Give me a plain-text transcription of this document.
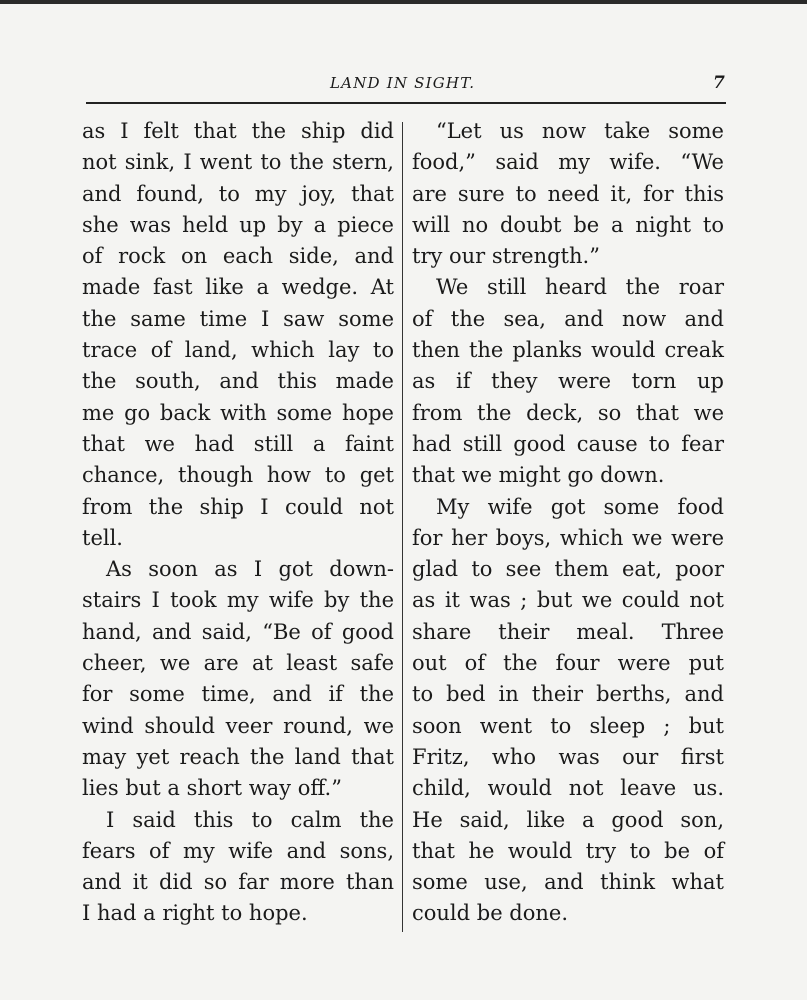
LAND IN SIGHT.	7
as I felt that the ship did
not sink, I went to the stern,
and found, to my joy, that
she was held up by a piece
of rock on each side, and
made fast like a wedge. At
the same time I saw some
trace of land, which lay to
the south, and this made
me go back with some hope
that we had still a faint
chance, though how to get
from the ship I could not
tell.
As soon as I got down-
stairs I took my wife by the
hand, and said, “Be of good
cheer, we are at least safe
for some time, and if the
wind should veer round, we
may yet reach the land that
lies but a short way off.”
I said this to calm the
fears of my wife and sons,
and it did so far more than
I had a right to hope.
“Let us now take some
food,” said my wife. “We
are sure to need it, for this
will no doubt be a night to
try our strength.”
We still heard the roar
of the sea, and now and
then the planks would creak
as if they were torn up
from the deck, so that we
had still good cause to fear
that we might go down.
My wife got some food
for her boys, which we were
glad to see them eat, poor
as it was ; but we could not
share their meal. Three
out of the four were put
to bed in their berths, and
soon went to sleep ; but
Fritz, who was our first
child, would not leave us.
He said, like a good son,
that he would try to be of
some use, and think what
could be done.
